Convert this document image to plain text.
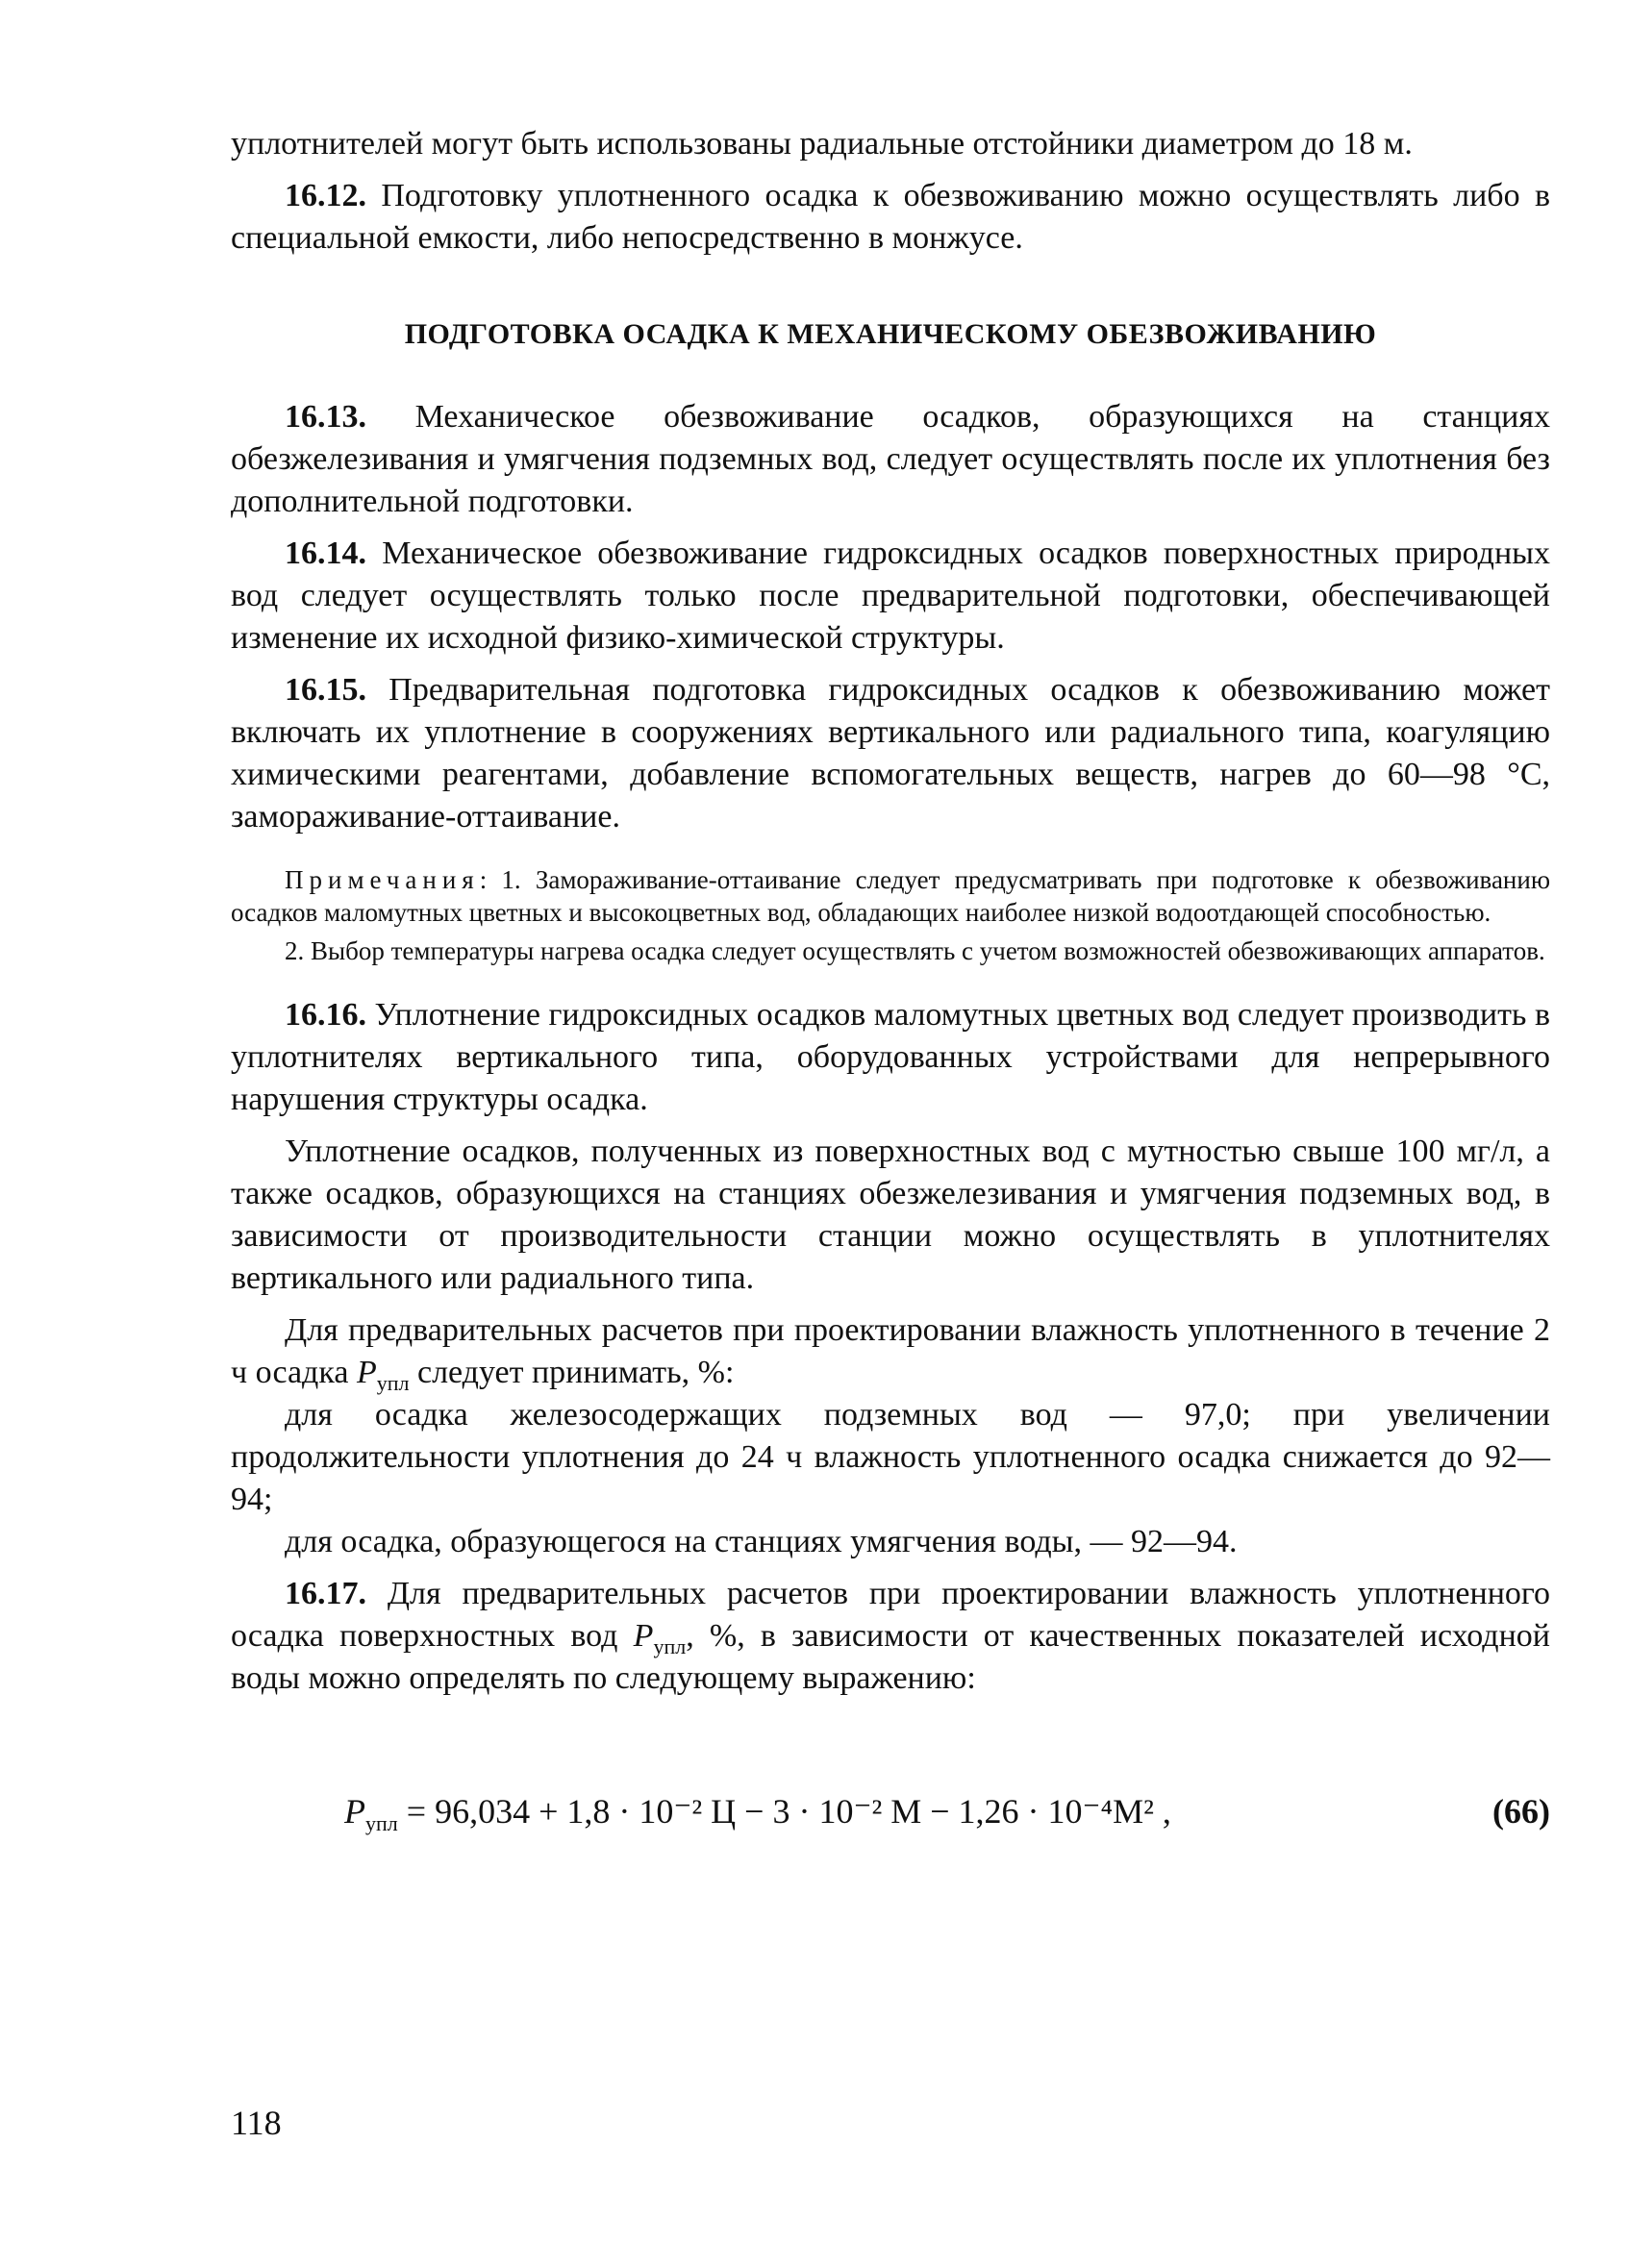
уплотнителей могут быть использованы радиальные отстойники диаметром до 18 м.

16.12. Подготовку уплотненного осадка к обезвоживанию можно осуществлять либо в специальной емкости, либо непосредственно в монжусе.

ПОДГОТОВКА ОСАДКА К МЕХАНИЧЕСКОМУ ОБЕЗВОЖИВАНИЮ

16.13. Механическое обезвоживание осадков, образующихся на станциях обезжелезивания и умягчения подземных вод, следует осуществлять после их уплотнения без дополнительной подготовки.

16.14. Механическое обезвоживание гидроксидных осадков поверхностных природных вод следует осуществлять только после предварительной подготовки, обеспечивающей изменение их исходной физико-химической структуры.

16.15. Предварительная подготовка гидроксидных осадков к обезвоживанию может включать их уплотнение в сооружениях вертикального или радиального типа, коагуляцию химическими реагентами, добавление вспомогательных веществ, нагрев до 60—98 °С, замораживание-оттаивание.

Примечания: 1. Замораживание-оттаивание следует предусматривать при подготовке к обезвоживанию осадков маломутных цветных и высокоцветных вод, обладающих наиболее низкой водоотдающей способностью.

2. Выбор температуры нагрева осадка следует осуществлять с учетом возможностей обезвоживающих аппаратов.

16.16. Уплотнение гидроксидных осадков маломутных цветных вод следует производить в уплотнителях вертикального типа, оборудованных устройствами для непрерывного нарушения структуры осадка.

Уплотнение осадков, полученных из поверхностных вод с мутностью свыше 100 мг/л, а также осадков, образующихся на станциях обезжелезивания и умягчения подземных вод, в зависимости от производительности станции можно осуществлять в уплотнителях вертикального или радиального типа.

Для предварительных расчетов при проектировании влажность уплотненного в течение 2 ч осадка $P_{упл}$ следует принимать, %:

для осадка железосодержащих подземных вод — 97,0; при увеличении продолжительности уплотнения до 24 ч влажность уплотненного осадка снижается до 92—94;

для осадка, образующегося на станциях умягчения воды, — 92—94.

16.17. Для предварительных расчетов при проектировании влажность уплотненного осадка поверхностных вод $P_{упл}$, %, в зависимости от качественных показателей исходной воды можно определять по следующему выражению:

$P_{упл} = 96,034 + 1,8 \cdot 10^{-2}$ Ц − 3 · 10⁻² М − 1,26 · 10⁻⁴М² ,	(66)
118
